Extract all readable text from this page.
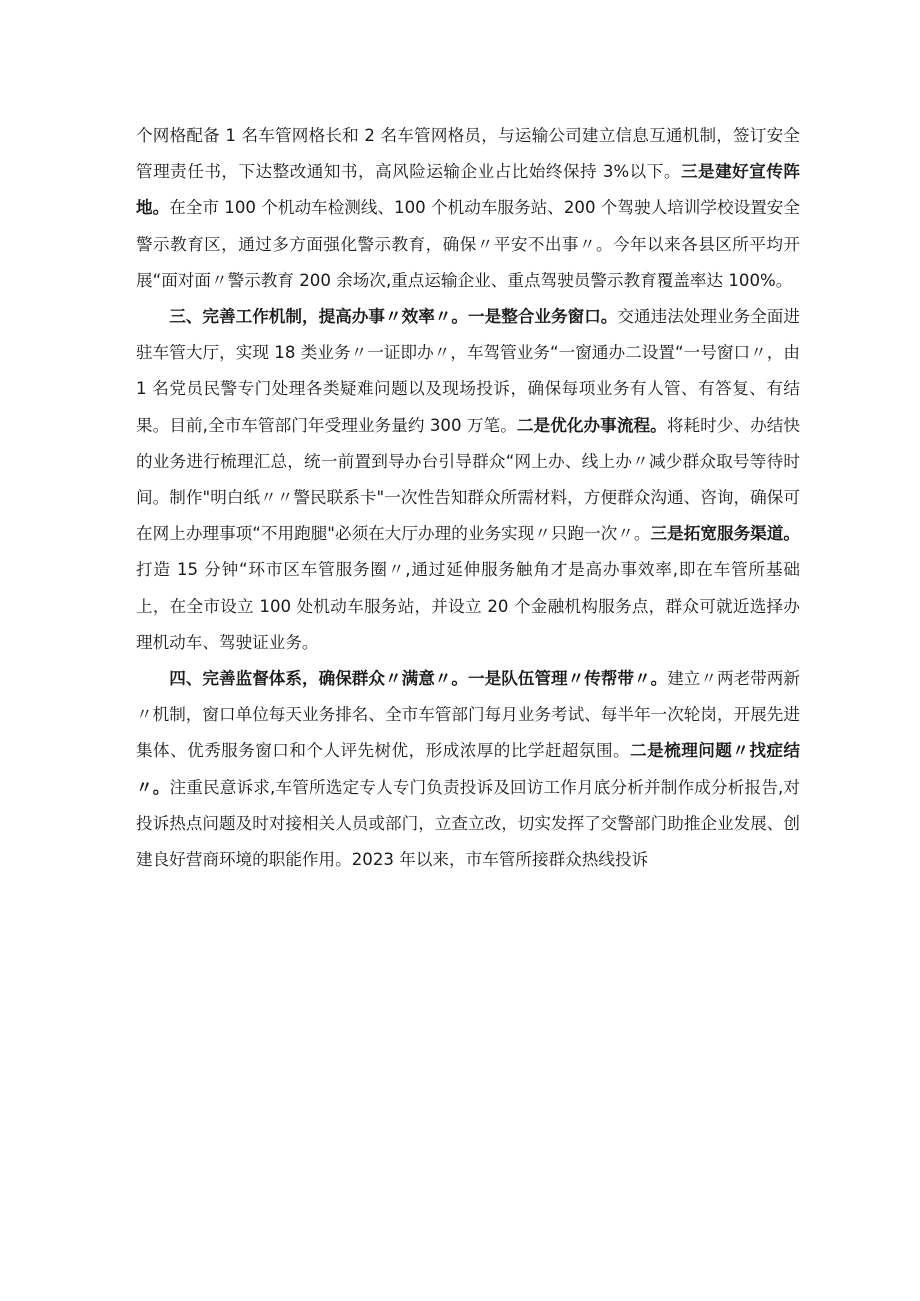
个网格配备 1 名车管网格长和 2 名车管网格员，与运输公司建立信息互通机制，签订安全管理责任书，下达整改通知书，高风险运输企业占比始终保持 3%以下。三是建好宣传阵地。在全市 100 个机动车检测线、100 个机动车服务站、200 个驾驶人培训学校设置安全警示教育区，通过多方面强化警示教育，确保〃平安不出事〃。今年以来各县区所平均开展“面对面〃警示教育 200 余场次,重点运输企业、重点驾驶员警示教育覆盖率达 100%。

三、完善工作机制，提高办事〃效率〃。一是整合业务窗口。交通违法处理业务全面进驻车管大厅，实现 18 类业务〃一证即办〃，车驾管业务“一窗通办二设置“一号窗口〃，由 1 名党员民警专门处理各类疑难问题以及现场投诉，确保每项业务有人管、有答复、有结果。目前,全市车管部门年受理业务量约 300 万笔。二是优化办事流程。将耗时少、办结快的业务进行梳理汇总，统一前置到导办台引导群众“网上办、线上办〃减少群众取号等待时间。制作"明白纸〃〃警民联系卡"一次性告知群众所需材料，方便群众沟通、咨询，确保可在网上办理事项“不用跑腿"必须在大厅办理的业务实现〃只跑一次〃。三是拓宽服务渠道。打造 15 分钟“环市区车管服务圈〃,通过延伸服务触角才是高办事效率,即在车管所基础上，在全市设立 100 处机动车服务站，并设立 20 个金融机构服务点，群众可就近选择办理机动车、驾驶证业务。

四、完善监督体系，确保群众〃满意〃。一是队伍管理〃传帮带〃。建立〃两老带两新〃机制，窗口单位每天业务排名、全市车管部门每月业务考试、每半年一次轮岗，开展先进集体、优秀服务窗口和个人评先树优，形成浓厚的比学赶超氛围。二是梳理问题〃找症结〃。注重民意诉求,车管所选定专人专门负责投诉及回访工作月底分析并制作成分析报告,对投诉热点问题及时对接相关人员或部门，立查立改，切实发挥了交警部门助推企业发展、创建良好营商环境的职能作用。2023 年以来，市车管所接群众热线投诉
